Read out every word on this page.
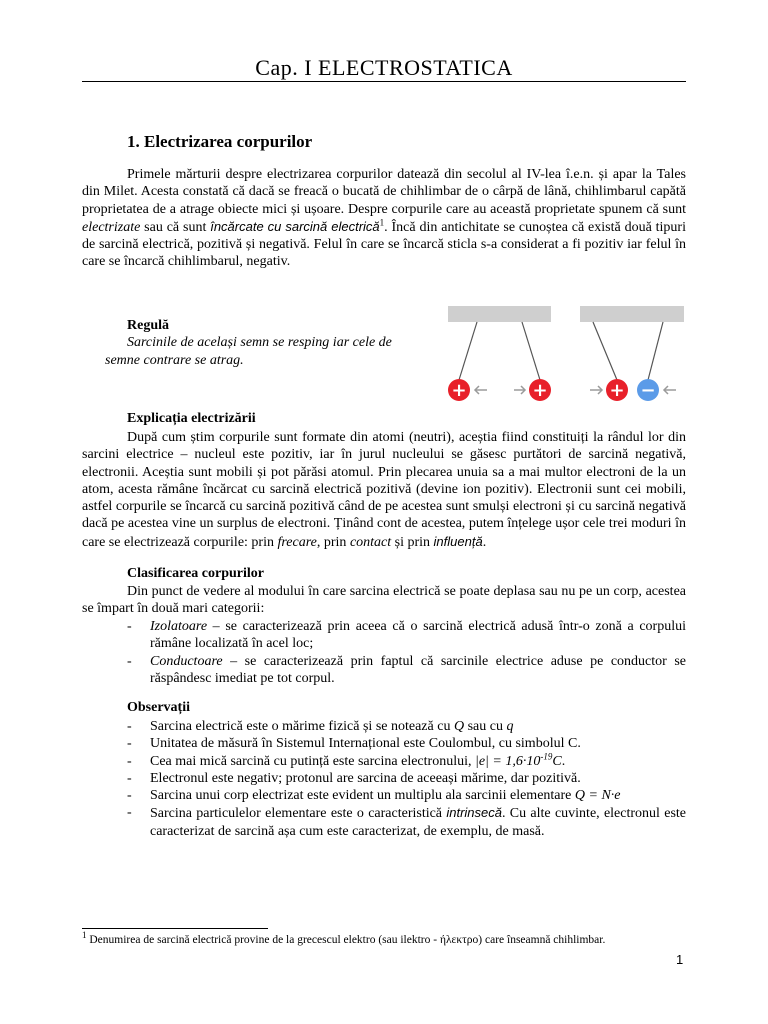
Cap. I ELECTROSTATICA
1. Electrizarea corpurilor
Primele mărturii despre electrizarea corpurilor datează din secolul al IV-lea î.e.n. și apar la Tales din Milet. Acesta constată că dacă se freacă o bucată de chihlimbar de o cârpă de lână, chihlimbarul capătă proprietatea de a atrage obiecte mici și ușoare. Despre corpurile care au această proprietate spunem că sunt electrizate sau că sunt încărcate cu sarcină electrică$^1$. Încă din antichitate se cunoștea că există două tipuri de sarcină electrică, pozitivă și negativă. Felul în care se încarcă sticla s-a considerat a fi pozitiv iar felul în care se încarcă chihlimbarul, negativ.
Regulă
Sarcinile de același semn se resping iar cele de
semne contrare se atrag.
+	+	+ −
Explicația electrizării
După cum știm corpurile sunt formate din atomi (neutri), aceștia fiind constituiți la rândul lor din sarcini electrice – nucleul este pozitiv, iar în jurul nucleului se găsesc purtători de sarcină negativă, electronii. Aceștia sunt mobili și pot părăsi atomul. Prin plecarea unuia sa a mai multor electroni de la un atom, acesta rămâne încărcat cu sarcină electrică pozitivă (devine ion pozitiv). Electronii sunt cei mobili, astfel corpurile se încarcă cu sarcină pozitivă când de pe acestea sunt smulși electroni și cu sarcină negativă dacă pe acestea vine un surplus de electroni. Ținând cont de acestea, putem înțelege ușor cele trei moduri în care se electrizează corpurile: prin frecare, prin contact și prin influență.
Clasificarea corpurilor
Din punct de vedere al modului în care sarcina electrică se poate deplasa sau nu pe un corp, acestea se împart în două mari categorii:
- Izolatoare – se caracterizează prin aceea că o sarcină electrică adusă într-o zonă a corpului rămâne localizată în acel loc;
- Conductoare – se caracterizează prin faptul că sarcinile electrice aduse pe conductor se răspândesc imediat pe tot corpul.
Observații
- Sarcina electrică este o mărime fizică și se notează cu Q sau cu q
- Unitatea de măsură în Sistemul Internațional este Coulombul, cu simbolul C.
- Cea mai mică sarcină cu putință este sarcina electronului, $|e| = 1,6\cdot 10^{-19}C$.
- Electronul este negativ; protonul are sarcina de aceeași mărime, dar pozitivă.
- Sarcina unui corp electrizat este evident un multiplu ala sarcinii elementare Q = N·e
- Sarcina particulelor elementare este o caracteristică intrinsecă. Cu alte cuvinte, electronul este caracterizat de sarcină așa cum este caracterizat, de exemplu, de masă.
$^1$ Denumirea de sarcină electrică provine de la grecescul elektro (sau ilektro - ήλεκτρο) care înseamnă chihlimbar.
1
